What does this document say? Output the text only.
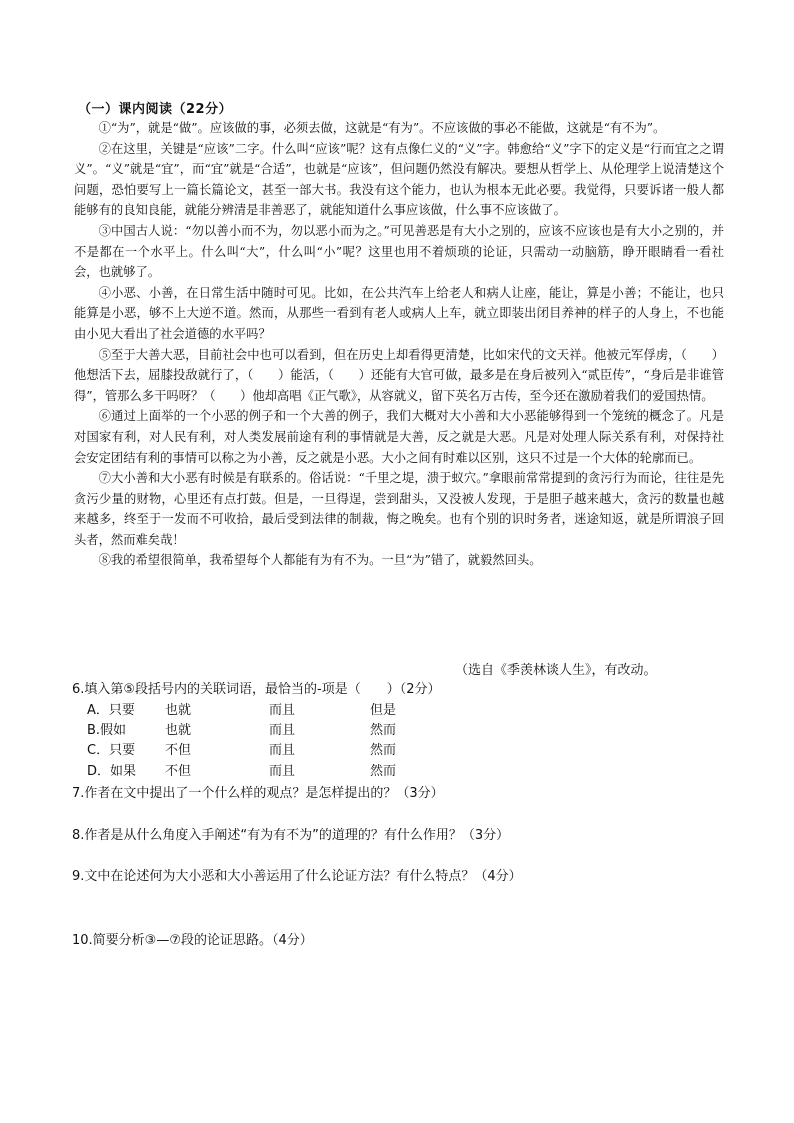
（一）课内阅读（22分）

①“为”，就是“做”。应该做的事，必须去做，这就是“有为”。不应该做的事必不能做，这就是“有不为”。

②在这里，关键是“应该”二字。什么叫“应该”呢？这有点像仁义的“义”字。韩愈给“义”字下的定义是“行而宜之之谓义”。“义”就是“宜”，而“宜”就是“合适”，也就是“应该”，但问题仍然没有解决。要想从哲学上、从伦理学上说清楚这个问题，恐怕要写上一篇长篇论文，甚至一部大书。我没有这个能力，也认为根本无此必要。我觉得，只要诉诸一般人都能够有的良知良能，就能分辨清是非善恶了，就能知道什么事应该做，什么事不应该做了。

③中国古人说：“勿以善小而不为，勿以恶小而为之。”可见善恶是有大小之别的，应该不应该也是有大小之别的，并不是都在一个水平上。什么叫“大”，什么叫“小”呢？这里也用不着烦琐的论证，只需动一动脑筋，睁开眼睛看一看社会，也就够了。

④小恶、小善，在日常生活中随时可见。比如，在公共汽车上给老人和病人让座，能让，算是小善；不能让，也只能算是小恶，够不上大逆不道。然而，从那些一看到有老人或病人上车，就立即装出闭目养神的样子的人身上，不也能由小见大看出了社会道德的水平吗？

⑤至于大善大恶，目前社会中也可以看到，但在历史上却看得更清楚，比如宋代的文天祥。他被元军俘虏，（　　）他想活下去，屈膝投敌就行了，（　　）能活，（　　）还能有大官可做，最多是在身后被列入“贰臣传”，“身后是非谁管得”，管那么多干吗呀？（　　）他却高唱《正气歌》，从容就义，留下英名万古传，至今还在激励着我们的爱国热情。

⑥通过上面举的一个小恶的例子和一个大善的例子，我们大概对大小善和大小恶能够得到一个笼统的概念了。凡是对国家有利，对人民有利，对人类发展前途有利的事情就是大善，反之就是大恶。凡是对处理人际关系有利，对保持社会安定团结有利的事情可以称之为小善，反之就是小恶。大小之间有时难以区别，这只不过是一个大体的轮廓而已。

⑦大小善和大小恶有时候是有联系的。俗话说：“千里之堤，溃于蚁穴。”拿眼前常常提到的贪污行为而论，往往是先贪污少量的财物，心里还有点打鼓。但是，一旦得逞，尝到甜头，又没被人发现，于是胆子越来越大，贪污的数量也越来越多，终至于一发而不可收拾，最后受到法律的制裁，悔之晚矣。也有个别的识时务者，迷途知返，就是所谓浪子回头者，然而难矣哉！

⑧我的希望很简单，我希望每个人都能有为有不为。一旦“为”错了，就毅然回头。

（选自《季羡林谈人生》，有改动。
6.填入第⑤段括号内的关联词语，最恰当的-项是（　　）（2分）
A．只要 也就	而且	但是
B.假如	也就	而且	然而
C．只要 不但	而且	然而
D．如果 不但	而且	然而
7.作者在文中提出了一个什么样的观点？是怎样提出的？（3分）
8.作者是从什么角度入手阐述“有为有不为”的道理的？有什么作用？（3分）
9.文中在论述何为大小恶和大小善运用了什么论证方法？有什么特点？（4分）
10.简要分析③—⑦段的论证思路。（4分）
